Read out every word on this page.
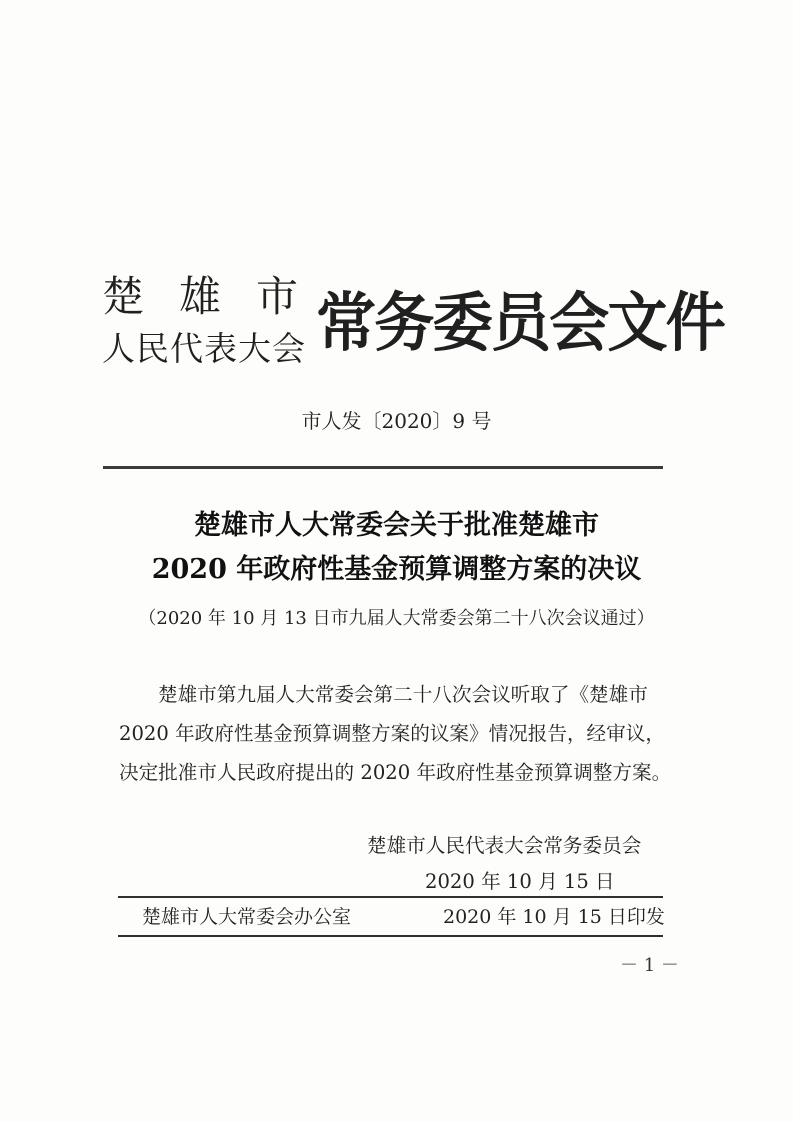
楚 雄 市
人民代表大会 常务委员会文件
市人发〔2020〕9 号
楚雄市人大常委会关于批准楚雄市
2020 年政府性基金预算调整方案的决议
（2020 年 10 月 13 日市九届人大常委会第二十八次会议通过）
楚雄市第九届人大常委会第二十八次会议听取了《楚雄市
2020 年政府性基金预算调整方案的议案》情况报告，经审议，
决定批准市人民政府提出的 2020 年政府性基金预算调整方案。
楚雄市人民代表大会常务委员会
2020 年 10 月 15 日
楚雄市人大常委会办公室	2020 年 10 月 15 日印发
－ 1 －
